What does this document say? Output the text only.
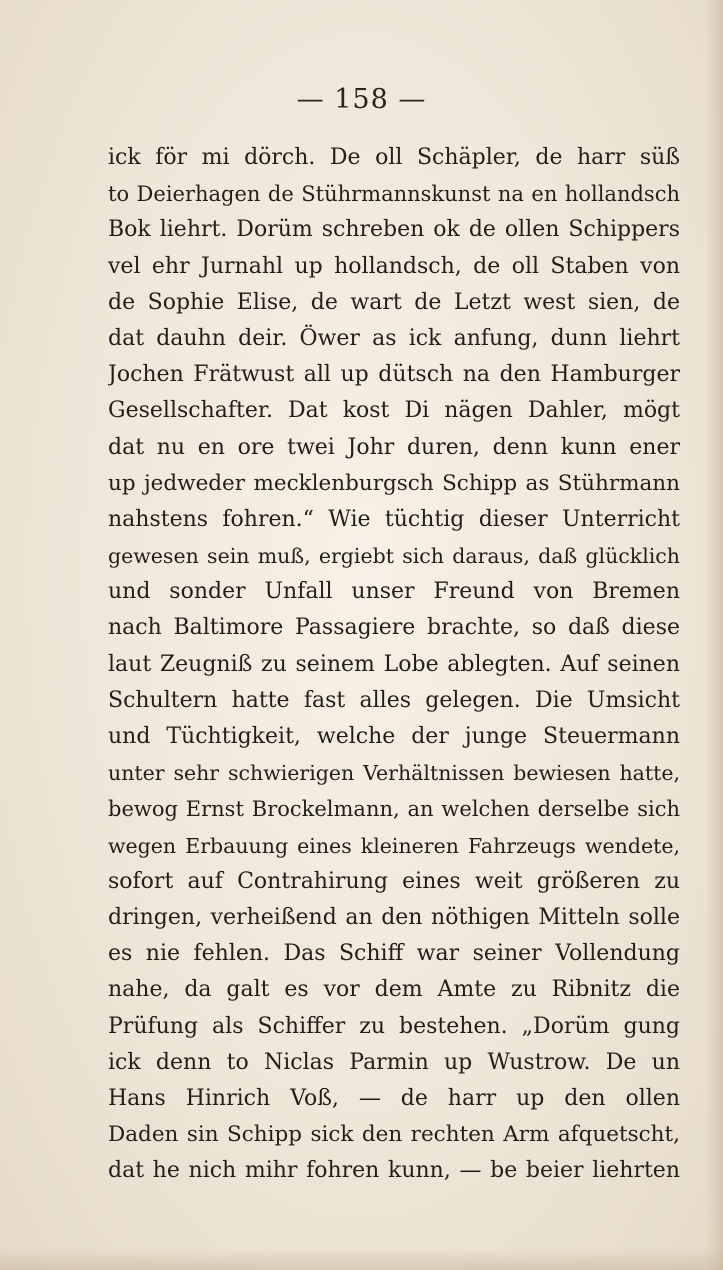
— 158 —
ick för mi dörch. De oll Schäpler, de harr süß
to Deierhagen de Stührmannskunst na en hollandsch
Bok liehrt. Dorüm schreben ok de ollen Schippers
vel ehr Jurnahl up hollandsch, de oll Staben von
de Sophie Elise, de wart de Letzt west sien, de
dat dauhn deir. Öwer as ick anfung, dunn liehrt
Jochen Frätwust all up dütsch na den Hamburger
Gesellschafter. Dat kost Di nägen Dahler, mögt
dat nu en ore twei Johr duren, denn kunn ener
up jedweder mecklenburgsch Schipp as Stührmann
nahstens fohren.“ Wie tüchtig dieser Unterricht
gewesen sein muß, ergiebt sich daraus, daß glücklich
und sonder Unfall unser Freund von Bremen
nach Baltimore Passagiere brachte, so daß diese
laut Zeugniß zu seinem Lobe ablegten. Auf seinen
Schultern hatte fast alles gelegen. Die Umsicht
und Tüchtigkeit, welche der junge Steuermann
unter sehr schwierigen Verhältnissen bewiesen hatte,
bewog Ernst Brockelmann, an welchen derselbe sich
wegen Erbauung eines kleineren Fahrzeugs wendete,
sofort auf Contrahirung eines weit größeren zu
dringen, verheißend an den nöthigen Mitteln solle
es nie fehlen. Das Schiff war seiner Vollendung
nahe, da galt es vor dem Amte zu Ribnitz die
Prüfung als Schiffer zu bestehen. „Dorüm gung
ick denn to Niclas Parmin up Wustrow. De un
Hans Hinrich Voß, — de harr up den ollen
Daden sin Schipp sick den rechten Arm afquetscht,
dat he nich mihr fohren kunn, — be beier liehrten
